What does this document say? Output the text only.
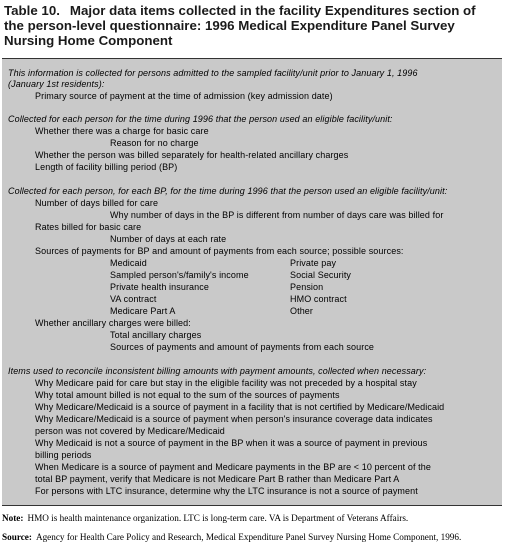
Table 10. Major data items collected in the facility Expenditures section of
the person-level questionnaire: 1996 Medical Expenditure Panel Survey
Nursing Home Component
This information is collected for persons admitted to the sampled facility/unit prior to January 1, 1996
(January 1st residents):
Primary source of payment at the time of admission (key admission date)
Collected for each person for the time during 1996 that the person used an eligible facility/unit:
Whether there was a charge for basic care
Reason for no charge
Whether the person was billed separately for health-related ancillary charges
Length of facility billing period (BP)
Collected for each person, for each BP, for the time during 1996 that the person used an eligible facility/unit:
Number of days billed for care
Why number of days in the BP is different from number of days care was billed for
Rates billed for basic care
Number of days at each rate
Sources of payments for BP and amount of payments from each source; possible sources:
Medicaid	Private pay
Sampled person's/family's income	Social Security
Private health insurance	Pension
VA contract	HMO contract
Medicare Part A	Other
Whether ancillary charges were billed:
Total ancillary charges
Sources of payments and amount of payments from each source
Items used to reconcile inconsistent billing amounts with payment amounts, collected when necessary:
Why Medicare paid for care but stay in the eligible facility was not preceded by a hospital stay
Why total amount billed is not equal to the sum of the sources of payments
Why Medicare/Medicaid is a source of payment in a facility that is not certified by Medicare/Medicaid
Why Medicare/Medicaid is a source of payment when person's insurance coverage data indicates
person was not covered by Medicare/Medicaid
Why Medicaid is not a source of payment in the BP when it was a source of payment in previous
billing periods
When Medicare is a source of payment and Medicare payments in the BP are < 10 percent of the
total BP payment, verify that Medicare is not Medicare Part B rather than Medicare Part A
For persons with LTC insurance, determine why the LTC insurance is not a source of payment
Note: HMO is health maintenance organization. LTC is long-term care. VA is Department of Veterans Affairs.
Source: Agency for Health Care Policy and Research, Medical Expenditure Panel Survey Nursing Home Component, 1996.
